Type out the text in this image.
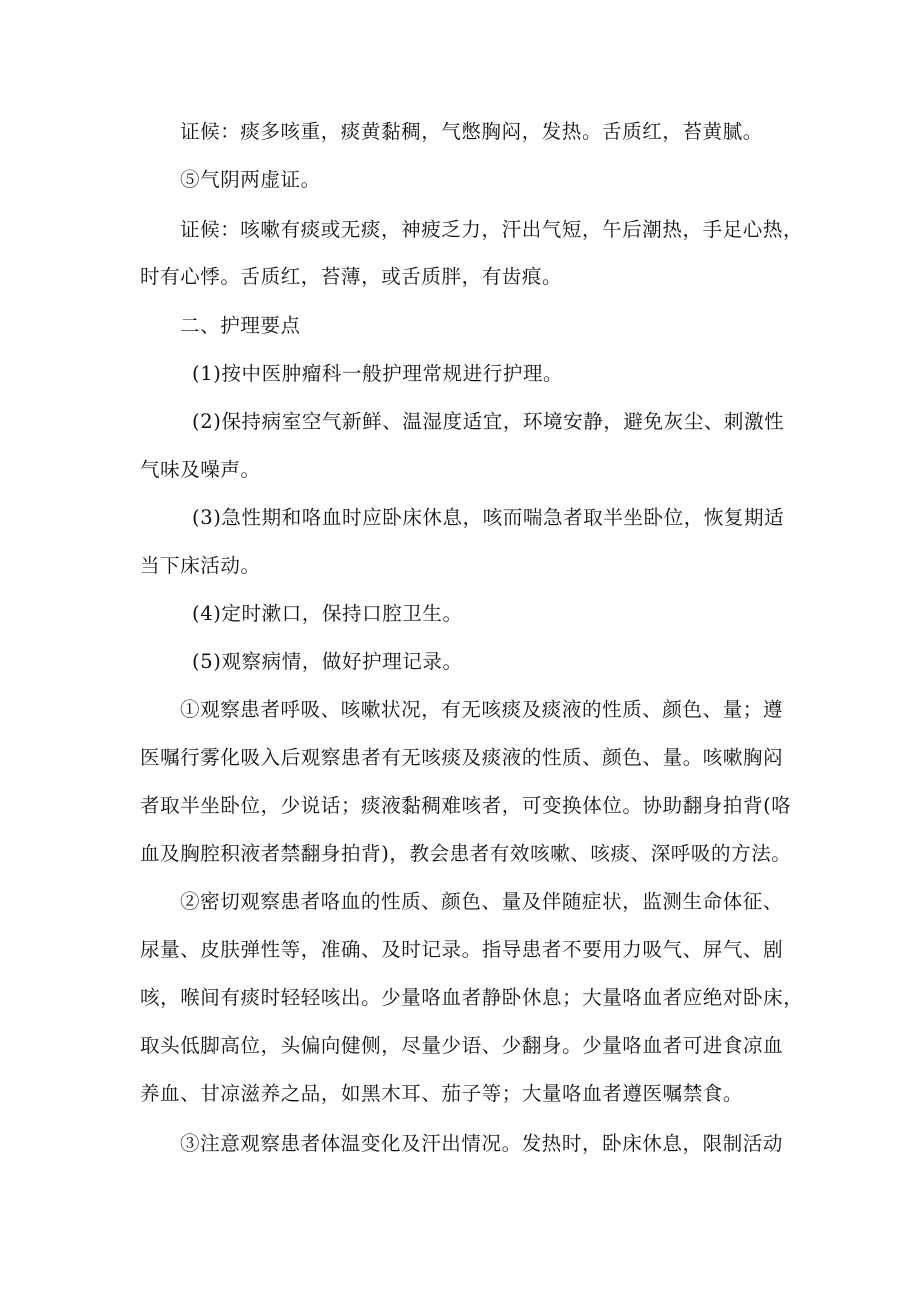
证候：痰多咳重，痰黄黏稠，气憋胸闷，发热。舌质红，苔黄腻。
⑤气阴两虚证。
证候：咳嗽有痰或无痰，神疲乏力，汗出气短，午后潮热，手足心热，
时有心悸。舌质红，苔薄，或舌质胖，有齿痕。
二、护理要点
(1)按中医肿瘤科一般护理常规进行护理。
(2)保持病室空气新鲜、温湿度适宜，环境安静，避免灰尘、刺激性
气味及噪声。
(3)急性期和咯血时应卧床休息，咳而喘急者取半坐卧位，恢复期适
当下床活动。
(4)定时漱口，保持口腔卫生。
(5)观察病情，做好护理记录。
①观察患者呼吸、咳嗽状况，有无咳痰及痰液的性质、颜色、量；遵
医嘱行雾化吸入后观察患者有无咳痰及痰液的性质、颜色、量。咳嗽胸闷
者取半坐卧位，少说话；痰液黏稠难咳者，可变换体位。协助翻身拍背(咯
血及胸腔积液者禁翻身拍背)，教会患者有效咳嗽、咳痰、深呼吸的方法。
②密切观察患者咯血的性质、颜色、量及伴随症状，监测生命体征、
尿量、皮肤弹性等，准确、及时记录。指导患者不要用力吸气、屏气、剧
咳，喉间有痰时轻轻咳出。少量咯血者静卧休息；大量咯血者应绝对卧床，
取头低脚高位，头偏向健侧，尽量少语、少翻身。少量咯血者可进食凉血
养血、甘凉滋养之品，如黑木耳、茄子等；大量咯血者遵医嘱禁食。
③注意观察患者体温变化及汗出情况。发热时，卧床休息，限制活动
